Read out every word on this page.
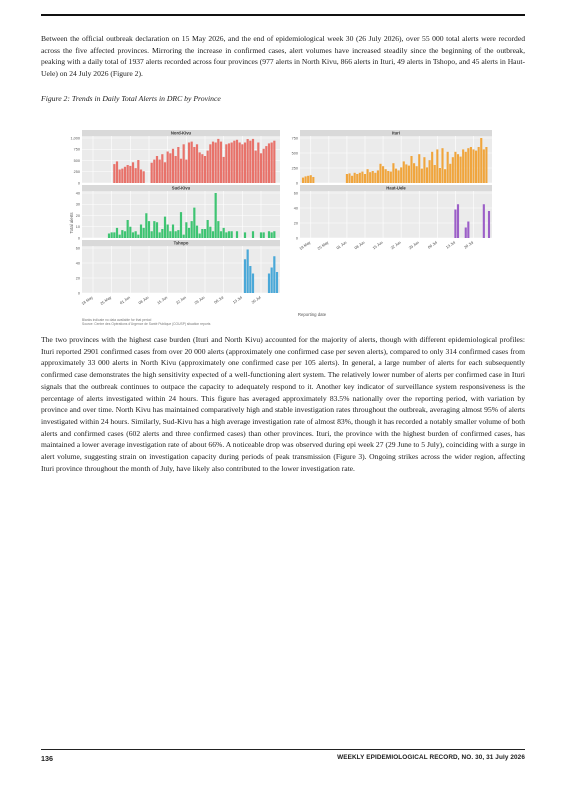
Between the official outbreak declaration on 15 May 2026, and the end of epidemiological week 30 (26 July 2026), over 55 000 total alerts were recorded across the five affected provinces. Mirroring the increase in confirmed cases, alert volumes have increased steadily since the beginning of the outbreak, peaking with a daily total of 1937 alerts recorded across four provinces (977 alerts in North Kivu, 866 alerts in Ituri, 49 alerts in Tshopo, and 45 alerts in Haut-Uele) on 24 July 2026 (Figure 2).

Figure 2: Trends in Daily Total Alerts in DRC by Province

Nord-Kivu
1,000
750
500
250
0
Ituri
750
500
250
0
Sud-Kivu
40
30
20
10
0
Haut-Uele
60
40
20
0
Tshopo
60
40
20
0
18 May 25 May 01 Jun 08 Jun 15 Jun 22 Jun 29 Jun 06 Jul 13 Jul 20 Jul
18 May 25 May 01 Jun 08 Jun 15 Jun 22 Jun 29 Jun 06 Jul 13 Jul 20 Jul
Total alerts
Reporting date
Blanks indicate no data available for that period
Source: Centre des Opérations d'Urgence de Santé Publique (COUSP) situation reports

The two provinces with the highest case burden (Ituri and North Kivu) accounted for the majority of alerts, though with different epidemiological profiles: Ituri reported 2901 confirmed cases from over 20 000 alerts (approximately one confirmed case per seven alerts), compared to only 314 confirmed cases from approximately 33 000 alerts in North Kivu (approximately one confirmed case per 105 alerts). In general, a large number of alerts for each subsequently confirmed case demonstrates the high sensitivity expected of a well-functioning alert system. The relatively lower number of alerts per confirmed case in Ituri signals that the outbreak continues to outpace the capacity to adequately respond to it. Another key indicator of surveillance system responsiveness is the percentage of alerts investigated within 24 hours. This figure has averaged approximately 83.5% nationally over the reporting period, with variation by province and over time. North Kivu has maintained comparatively high and stable investigation rates throughout the outbreak, averaging almost 95% of alerts investigated within 24 hours. Similarly, Sud-Kivu has a high average investigation rate of almost 83%, though it has recorded a notably smaller volume of both alerts and confirmed cases (602 alerts and three confirmed cases) than other provinces. Ituri, the province with the highest burden of confirmed cases, has maintained a lower average investigation rate of about 66%. A noticeable drop was observed during epi week 27 (29 June to 5 July), coinciding with a surge in alert volume, suggesting strain on investigation capacity during periods of peak transmission (Figure 3). Ongoing strikes across the wider region, affecting Ituri province throughout the month of July, have likely also contributed to the lower investigation rate.

136	WEEKLY EPIDEMIOLOGICAL RECORD, NO. 30, 31 July 2026
